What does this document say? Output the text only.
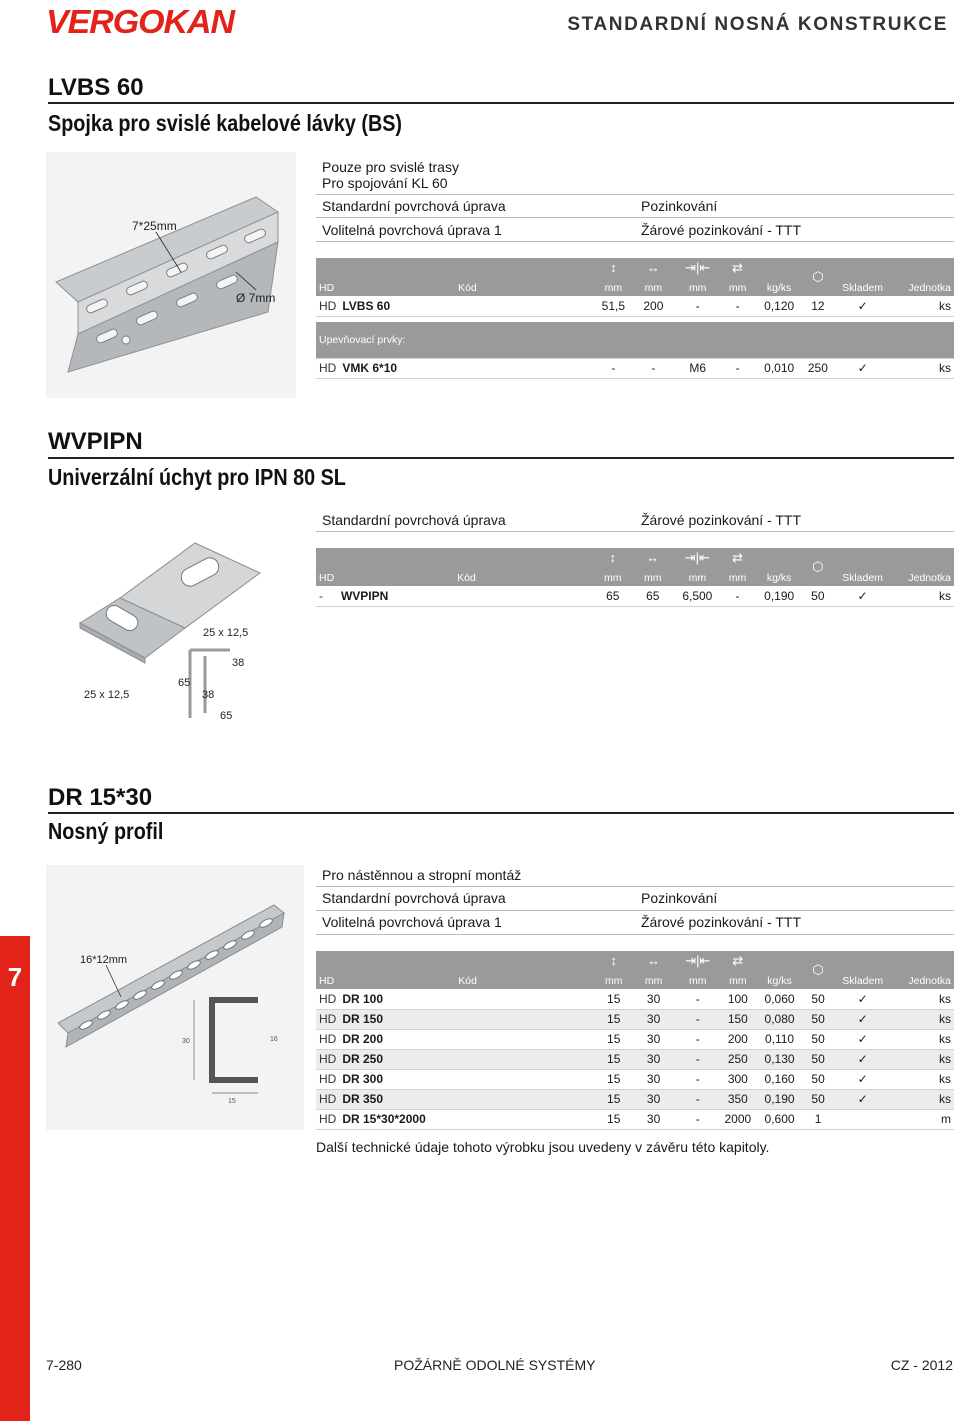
VERGOKAN	STANDARDNÍ NOSNÁ KONSTRUKCE
LVBS 60
Spojka pro svislé kabelové lávky (BS)
7*25mm
Ø 7mm
Pouze pro svislé trasy
Pro spojování KL 60
Standardní povrchová úprava	Pozinkování
Volitelná povrchová úprava 1	Žárové pozinkování - TTT
HD	Kód	↕
mm	↔
mm	⇥|⇤
mm	⇄
mm	kg/ks	⬡	Skladem	Jednotka
HD	LVBS 60	51,5	200	-	-	0,120	12	✓	ks

Upevňovací prvky:									
HD	VMK 6*10	-	-	M6	-	0,010	250	✓	ks
WVPIPN
Univerzální úchyt pro IPN 80 SL
Standardní povrchová úprava	Žárové pozinkování - TTT
25 x 12,5
25 x 12,5
38
65
38
65
HD	Kód	↕
mm	↔
mm	⇥|⇤
mm	⇄
mm	kg/ks	⬡	Skladem	Jednotka
-	WVPIPN	65	65	6,500	-	0,190	50	✓	ks
DR 15*30
Nosný profil
Pro nástěnnou a stropní montáž
Standardní povrchová úprava	Pozinkování
Volitelná povrchová úprava 1	Žárové pozinkování - TTT
16*12mm
30
15
16
HD	Kód	↕
mm	↔
mm	⇥|⇤
mm	⇄
mm	kg/ks	⬡	Skladem	Jednotka
HD	DR 100	15	30	-	100	0,060	50	✓	ks
HD	DR 150	15	30	-	150	0,080	50	✓	ks
HD	DR 200	15	30	-	200	0,110	50	✓	ks
HD	DR 250	15	30	-	250	0,130	50	✓	ks
HD	DR 300	15	30	-	300	0,160	50	✓	ks
HD	DR 350	15	30	-	350	0,190	50	✓	ks
HD	DR 15*30*2000	15	30	-	2000	0,600	1		m
Další technické údaje tohoto výrobku jsou uvedeny v závěru této kapitoly.
7
7-280	POŽÁRNĚ ODOLNÉ SYSTÉMY	CZ - 2012
